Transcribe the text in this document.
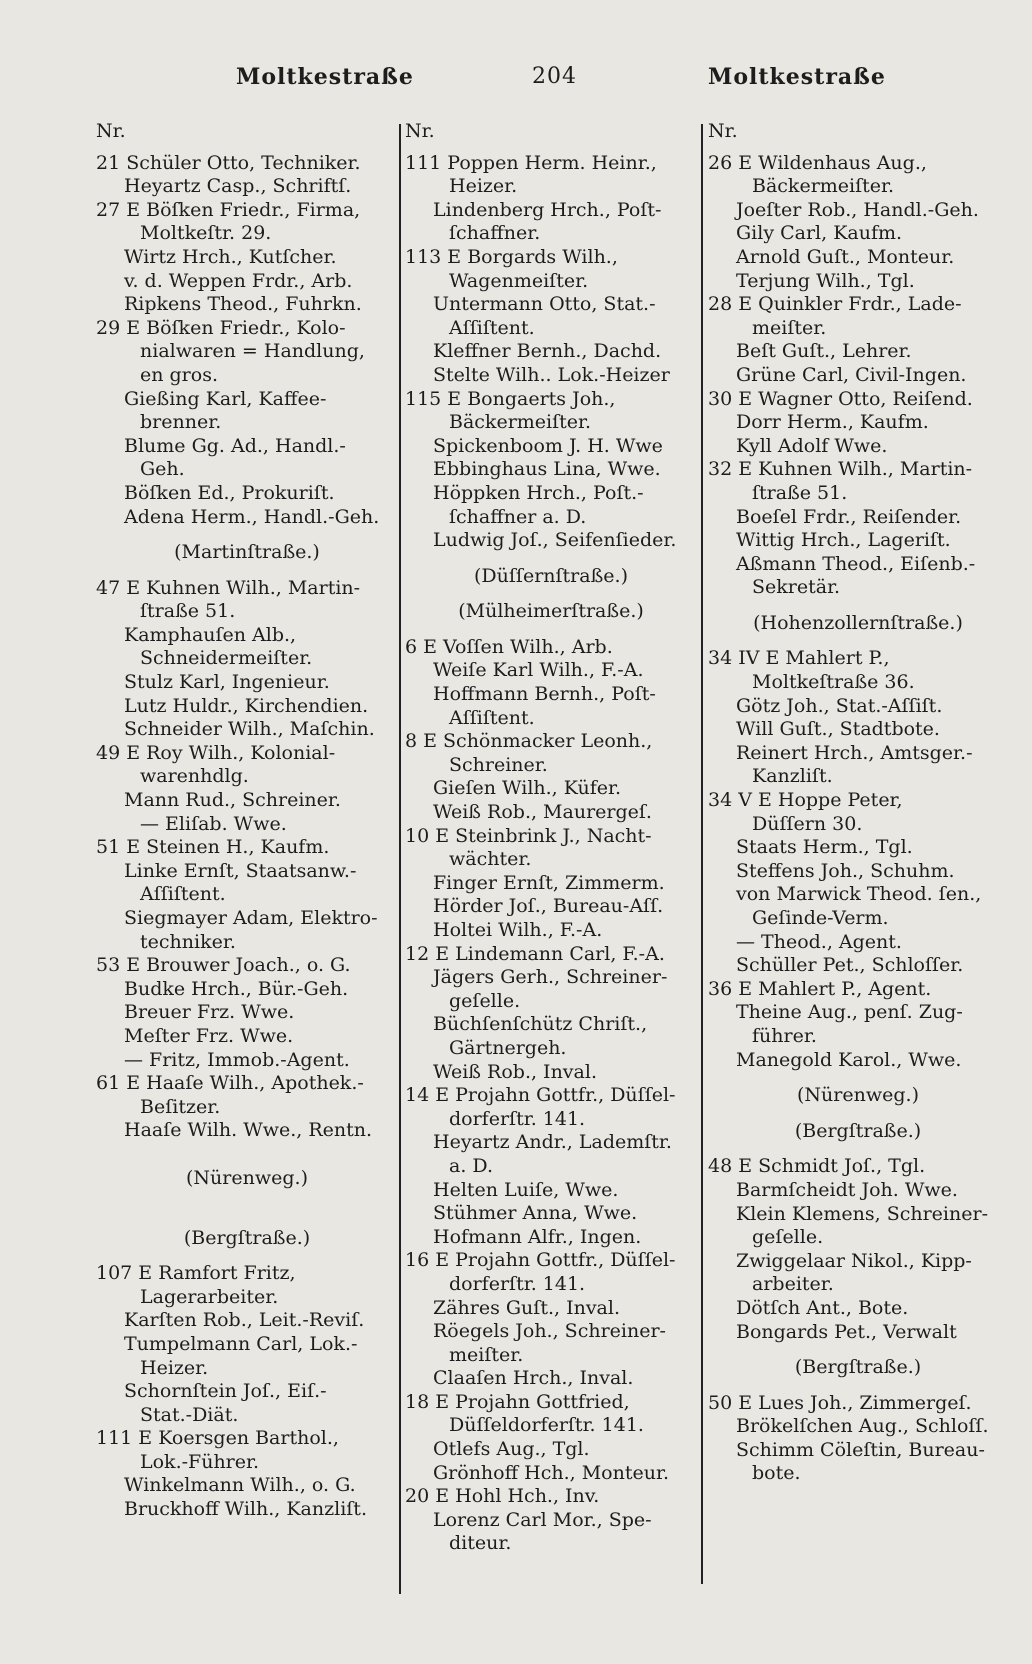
Moltkestraße	204	Moltkestraße
Nr.
21 Schüler Otto, Techniker.
Heyartz Casp., Schriftſ.
27 E Böſken Friedr., Firma,
Moltkeſtr. 29.
Wirtz Hrch., Kutſcher.
v. d. Weppen Frdr., Arb.
Ripkens Theod., Fuhrkn.
29 E Böſken Friedr., Kolo-
nialwaren = Handlung,
en gros.
Gießing Karl, Kaffee-
brenner.
Blume Gg. Ad., Handl.-
Geh.
Böſken Ed., Prokuriſt.
Adena Herm., Handl.-Geh.
(Martinſtraße.)
47 E Kuhnen Wilh., Martin-
ſtraße 51.
Kamphauſen Alb.,
Schneidermeiſter.
Stulz Karl, Ingenieur.
Lutz Huldr., Kirchendien.
Schneider Wilh., Maſchin.
49 E Roy Wilh., Kolonial-
warenhdlg.
Mann Rud., Schreiner.
— Eliſab. Wwe.
51 E Steinen H., Kaufm.
Linke Ernſt, Staatsanw.-
Aſſiſtent.
Siegmayer Adam, Elektro-
techniker.
53 E Brouwer Joach., o. G.
Budke Hrch., Bür.-Geh.
Breuer Frz. Wwe.
Meſter Frz. Wwe.
— Fritz, Immob.-Agent.
61 E Haaſe Wilh., Apothek.-
Beſitzer.
Haaſe Wilh. Wwe., Rentn.
(Nürenweg.)
(Bergſtraße.)
107 E Ramfort Fritz,
Lagerarbeiter.
Karſten Rob., Leit.-Reviſ.
Tumpelmann Carl, Lok.-
Heizer.
Schornſtein Joſ., Eiſ.-
Stat.-Diät.
111 E Koersgen Barthol.,
Lok.-Führer.
Winkelmann Wilh., o. G.
Bruckhoff Wilh., Kanzliſt.
Nr.
111 Poppen Herm. Heinr.,
Heizer.
Lindenberg Hrch., Poſt-
ſchaffner.
113 E Borgards Wilh.,
Wagenmeiſter.
Untermann Otto, Stat.-
Aſſiſtent.
Kleffner Bernh., Dachd.
Stelte Wilh.. Lok.-Heizer
115 E Bongaerts Joh.,
Bäckermeiſter.
Spickenboom J. H. Wwe
Ebbinghaus Lina, Wwe.
Höppken Hrch., Poſt.-
ſchaffner a. D.
Ludwig Joſ., Seifenſieder.
(Düſſernſtraße.)
(Mülheimerſtraße.)
6 E Voſſen Wilh., Arb.
Weiſe Karl Wilh., F.-A.
Hoffmann Bernh., Poſt-
Aſſiſtent.
8 E Schönmacker Leonh.,
Schreiner.
Gieſen Wilh., Küfer.
Weiß Rob., Maurergeſ.
10 E Steinbrink J., Nacht-
wächter.
Finger Ernſt, Zimmerm.
Hörder Joſ., Bureau-Aſſ.
Holtei Wilh., F.-A.
12 E Lindemann Carl, F.-A.
Jägers Gerh., Schreiner-
geſelle.
Büchſenſchütz Chriſt.,
Gärtnergeh.
Weiß Rob., Inval.
14 E Projahn Gottfr., Düſſel-
dorferſtr. 141.
Heyartz Andr., Lademſtr.
a. D.
Helten Luiſe, Wwe.
Stühmer Anna, Wwe.
Hofmann Alfr., Ingen.
16 E Projahn Gottfr., Düſſel-
dorferſtr. 141.
Zähres Guſt., Inval.
Röegels Joh., Schreiner-
meiſter.
Claaſen Hrch., Inval.
18 E Projahn Gottfried,
Düſſeldorferſtr. 141.
Otlefs Aug., Tgl.
Grönhoff Hch., Monteur.
20 E Hohl Hch., Inv.
Lorenz Carl Mor., Spe-
diteur.
Nr.
26 E Wildenhaus Aug.,
Bäckermeiſter.
Joeſter Rob., Handl.-Geh.
Gily Carl, Kaufm.
Arnold Guſt., Monteur.
Terjung Wilh., Tgl.
28 E Quinkler Frdr., Lade-
meiſter.
Beſt Guſt., Lehrer.
Grüne Carl, Civil-Ingen.
30 E Wagner Otto, Reiſend.
Dorr Herm., Kaufm.
Kyll Adolf Wwe.
32 E Kuhnen Wilh., Martin-
ſtraße 51.
Boeſel Frdr., Reiſender.
Wittig Hrch., Lageriſt.
Aßmann Theod., Eiſenb.-
Sekretär.
(Hohenzollernſtraße.)
34 IV E Mahlert P.,
Moltkeſtraße 36.
Götz Joh., Stat.-Aſſiſt.
Will Guſt., Stadtbote.
Reinert Hrch., Amtsger.-
Kanzliſt.
34 V E Hoppe Peter,
Düſſern 30.
Staats Herm., Tgl.
Steffens Joh., Schuhm.
von Marwick Theod. ſen.,
Geſinde-Verm.
— Theod., Agent.
Schüller Pet., Schloſſer.
36 E Mahlert P., Agent.
Theine Aug., penſ. Zug-
führer.
Manegold Karol., Wwe.
(Nürenweg.)
(Bergſtraße.)
48 E Schmidt Joſ., Tgl.
Barmſcheidt Joh. Wwe.
Klein Klemens, Schreiner-
geſelle.
Zwiggelaar Nikol., Kipp-
arbeiter.
Dötſch Ant., Bote.
Bongards Pet., Verwalt
(Bergſtraße.)
50 E Lues Joh., Zimmergeſ.
Brökelſchen Aug., Schloſſ.
Schimm Cöleſtin, Bureau-
bote.
